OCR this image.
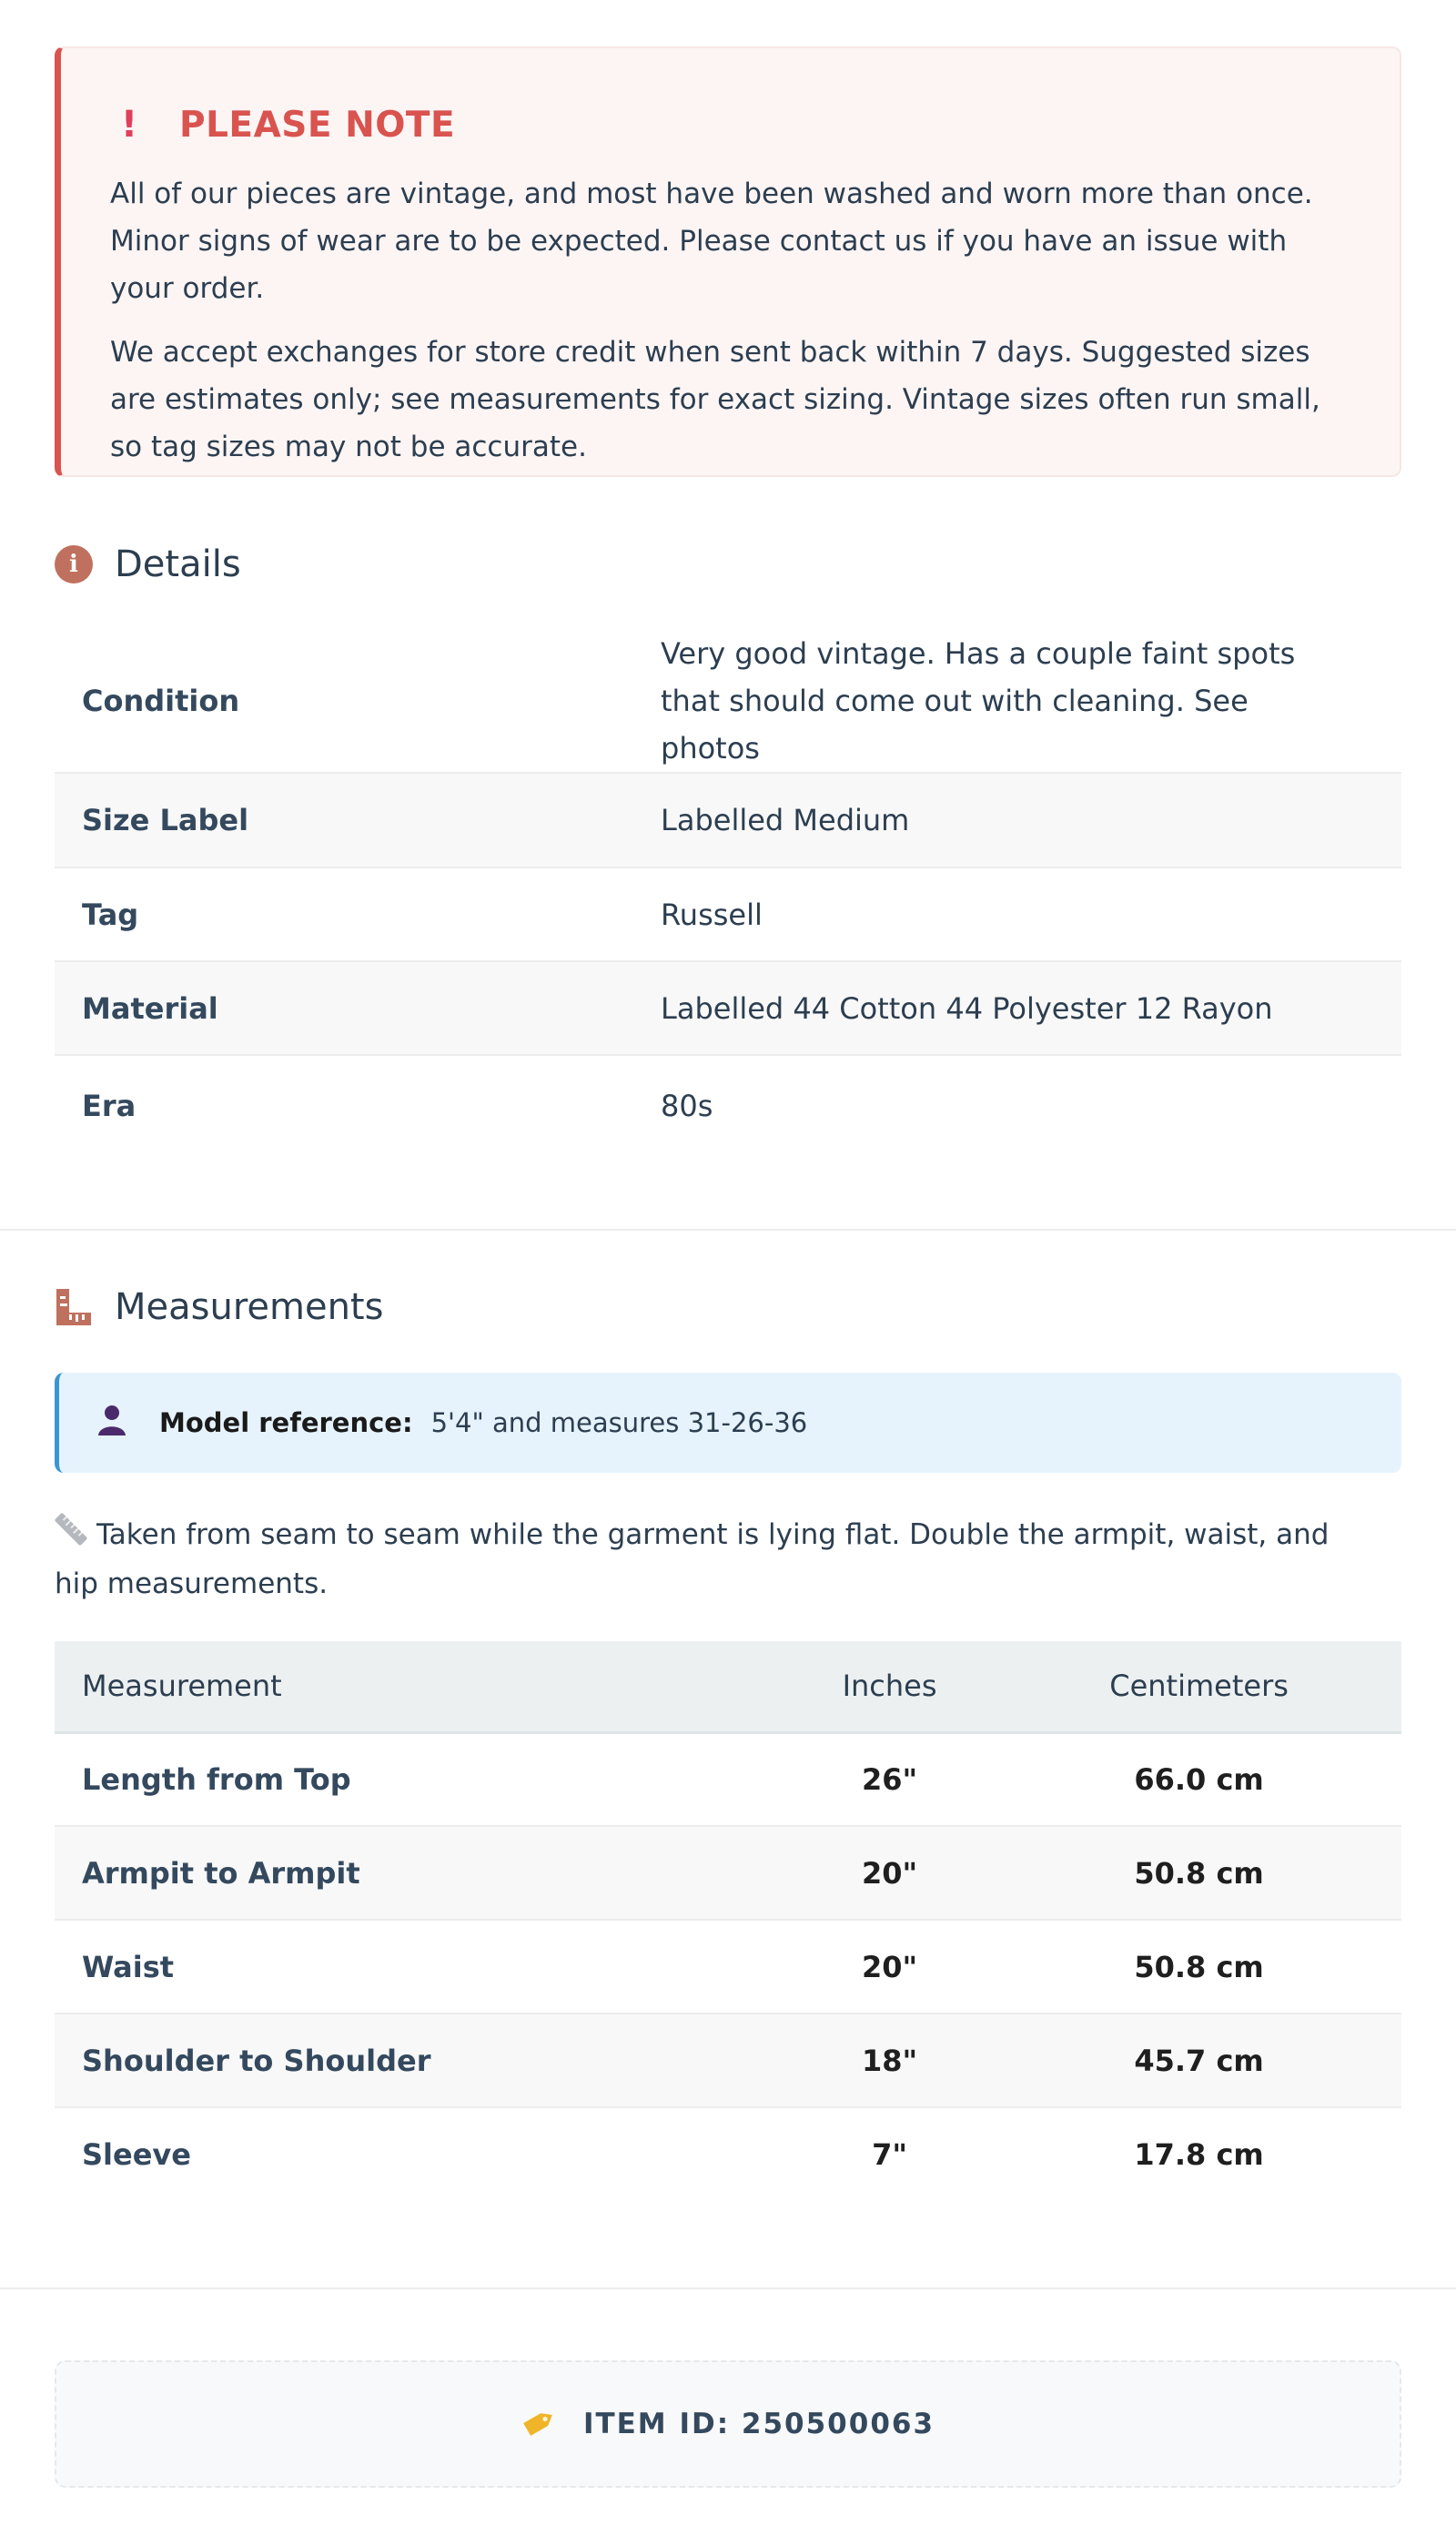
! PLEASE NOTE

All of our pieces are vintage, and most have been washed and worn more than once. Minor signs of wear are to be expected. Please contact us if you have an issue with your order.

We accept exchanges for store credit when sent back within 7 days. Suggested sizes are estimates only; see measurements for exact sizing. Vintage sizes often run small, so tag sizes may not be accurate.

i	Details
Condition	Very good vintage. Has a couple faint spots that should come out with cleaning. See photos
Size Label	Labelled Medium
Tag	Russell
Material	Labelled 44 Cotton 44 Polyester 12 Rayon
Era	80s
Measurements
Model reference: 5'4" and measures 31-26-36
Taken from seam to seam while the garment is lying flat. Double the armpit, waist, and hip measurements.
Measurement	Inches	Centimeters
Length from Top	26"	66.0 cm
Armpit to Armpit	20"	50.8 cm
Waist	20"	50.8 cm
Shoulder to Shoulder	18"	45.7 cm
Sleeve	7"	17.8 cm
ITEM ID: 250500063
